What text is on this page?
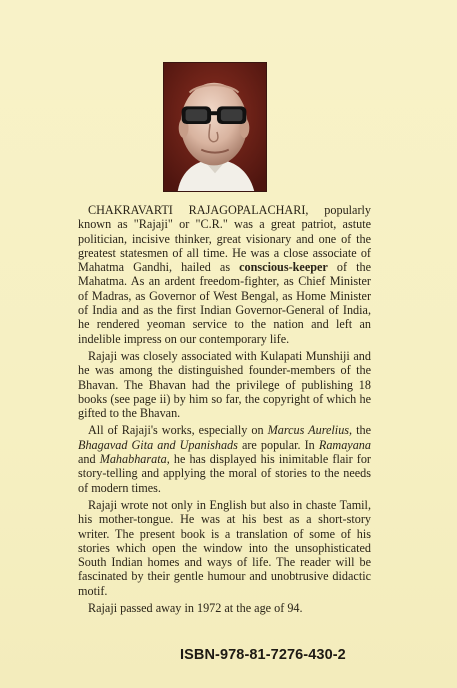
CHAKRAVARTI RAJAGOPALACHARI, popularly known as "Rajaji" or "C.R." was a great patriot, astute politician, incisive thinker, great visionary and one of the greatest statesmen of all time. He was a close associate of Mahatma Gandhi, hailed as conscious-keeper of the Mahatma. As an ardent freedom-fighter, as Chief Minister of Madras, as Governor of West Bengal, as Home Minister of India and as the first Indian Governor-General of India, he rendered yeoman service to the nation and left an indelible impress on our contemporary life.

Rajaji was closely associated with Kulapati Munshiji and he was among the distinguished founder-members of the Bhavan. The Bhavan had the privilege of publishing 18 books (see page ii) by him so far, the copyright of which he gifted to the Bhavan.

All of Rajaji's works, especially on Marcus Aurelius, the Bhagavad Gita and Upanishads are popular. In Ramayana and Mahabharata, he has displayed his inimitable flair for story-telling and applying the moral of stories to the needs of modern times.

Rajaji wrote not only in English but also in chaste Tamil, his mother-tongue. He was at his best as a short-story writer. The present book is a translation of some of his stories which open the window into the unsophisticated South Indian homes and ways of life. The reader will be fascinated by their gentle humour and unobtrusive didactic motif.

Rajaji passed away in 1972 at the age of 94.

ISBN-978-81-7276-430-2
